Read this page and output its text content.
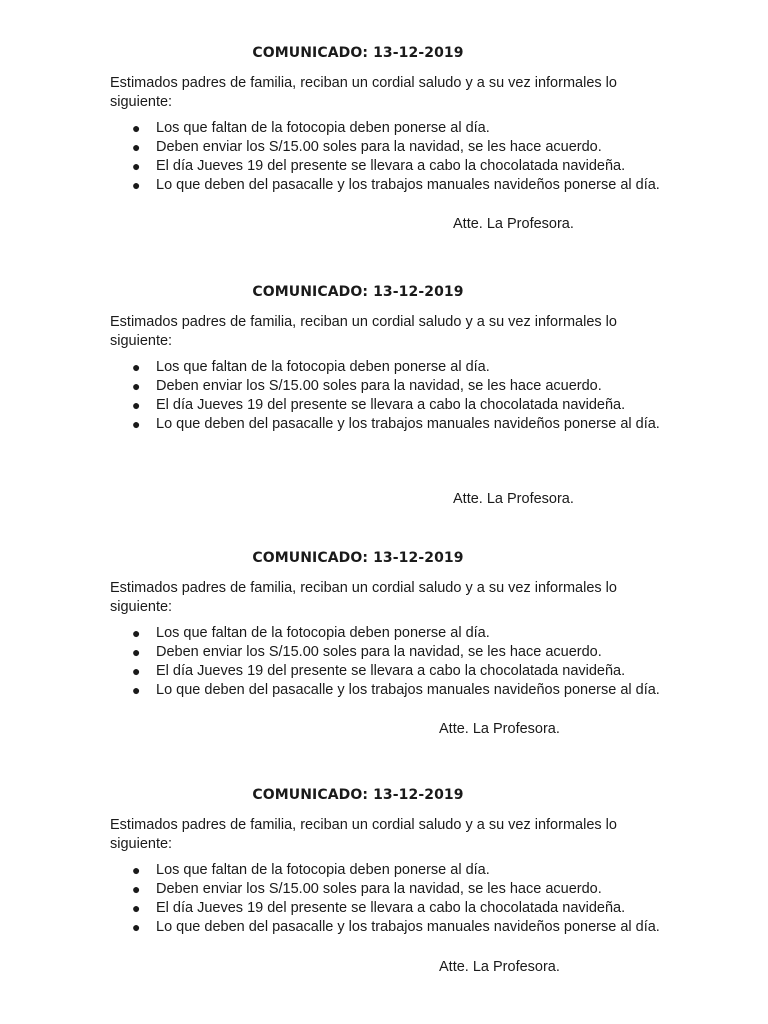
COMUNICADO: 13-12-2019
Estimados padres de familia, reciban un cordial saludo y a su vez informales lo siguiente:
● Los que faltan de la fotocopia deben ponerse al día.
● Deben enviar los S/15.00 soles para la navidad, se les hace acuerdo.
● El día Jueves 19 del presente se llevara a cabo la chocolatada navideña.
● Lo que deben del pasacalle y los trabajos manuales navideños ponerse al día.
Atte. La Profesora.
COMUNICADO: 13-12-2019
Estimados padres de familia, reciban un cordial saludo y a su vez informales lo siguiente:
● Los que faltan de la fotocopia deben ponerse al día.
● Deben enviar los S/15.00 soles para la navidad, se les hace acuerdo.
● El día Jueves 19 del presente se llevara a cabo la chocolatada navideña.
● Lo que deben del pasacalle y los trabajos manuales navideños ponerse al día.
Atte. La Profesora.
COMUNICADO: 13-12-2019
Estimados padres de familia, reciban un cordial saludo y a su vez informales lo siguiente:
● Los que faltan de la fotocopia deben ponerse al día.
● Deben enviar los S/15.00 soles para la navidad, se les hace acuerdo.
● El día Jueves 19 del presente se llevara a cabo la chocolatada navideña.
● Lo que deben del pasacalle y los trabajos manuales navideños ponerse al día.
Atte. La Profesora.
COMUNICADO: 13-12-2019
Estimados padres de familia, reciban un cordial saludo y a su vez informales lo siguiente:
● Los que faltan de la fotocopia deben ponerse al día.
● Deben enviar los S/15.00 soles para la navidad, se les hace acuerdo.
● El día Jueves 19 del presente se llevara a cabo la chocolatada navideña.
● Lo que deben del pasacalle y los trabajos manuales navideños ponerse al día.
Atte. La Profesora.
